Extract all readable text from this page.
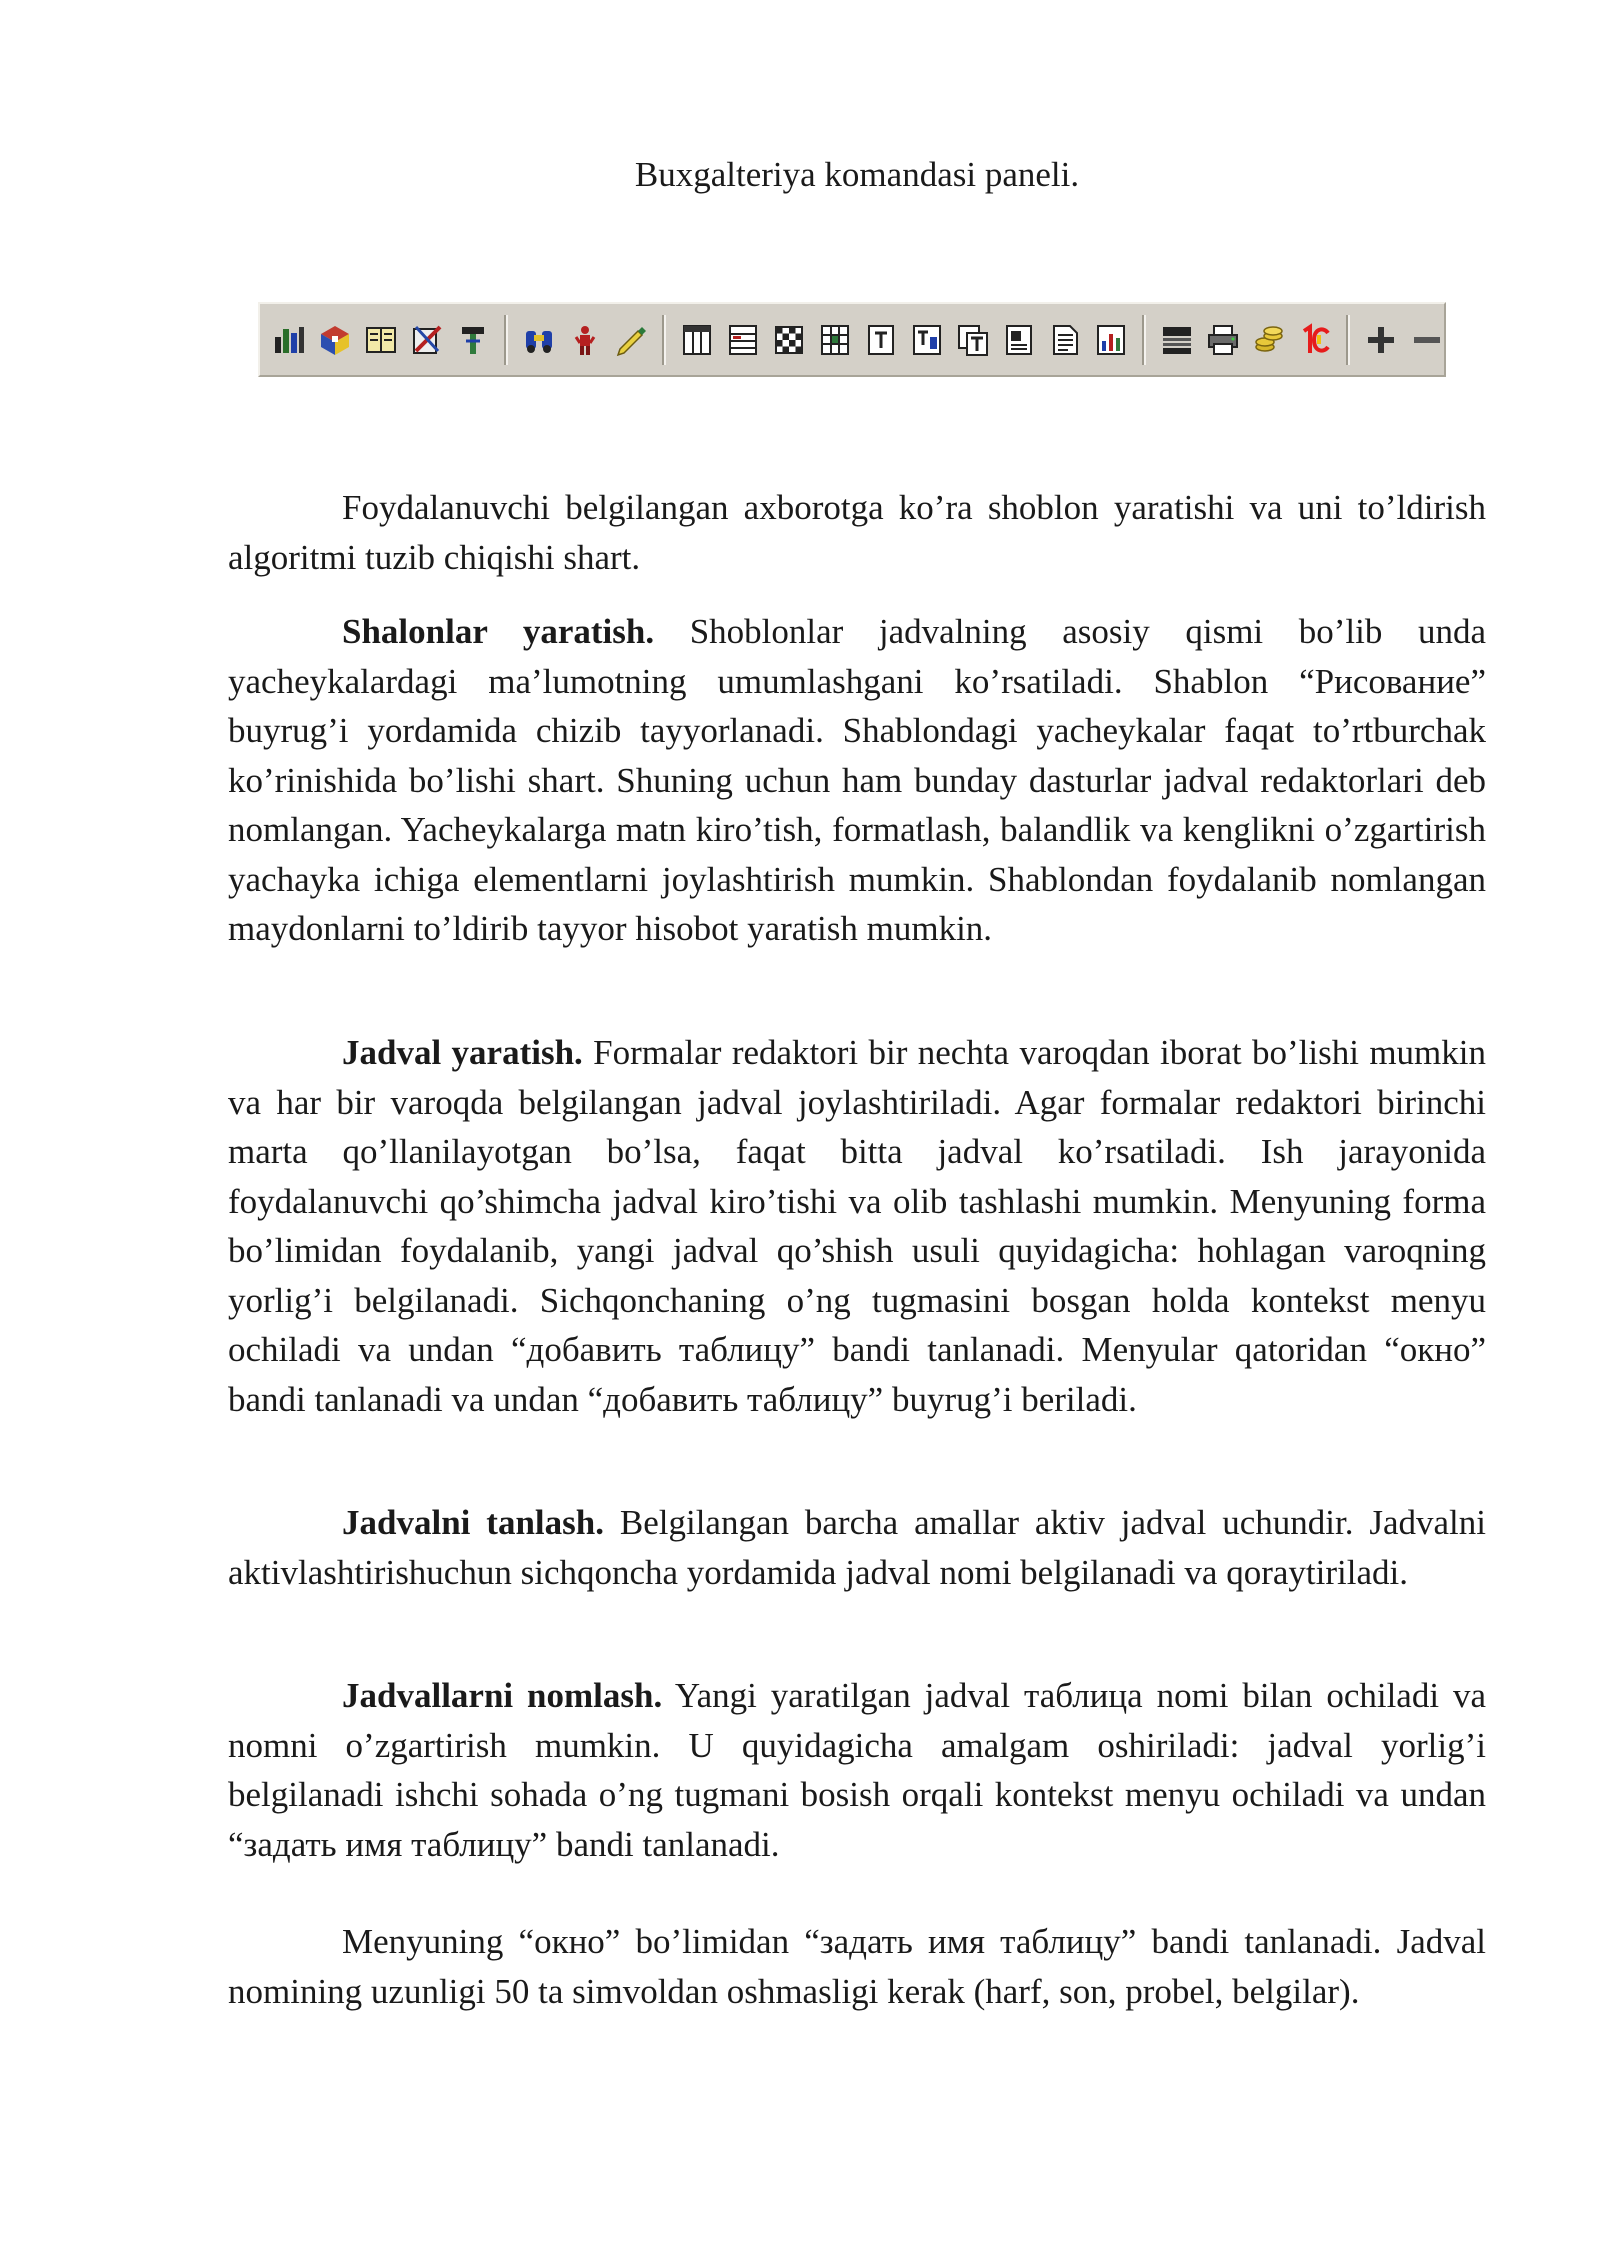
Buxgalteriya komandasi paneli.

Foydalanuvchi belgilangan axborotga ko’ra shoblon yaratishi va uni to’ldirish algoritmi tuzib chiqishi shart.

Shalonlar yaratish. Shoblonlar jadvalning asosiy qismi bo’lib unda yacheykalardagi ma’lumotning umumlashgani ko’rsatiladi. Shablon “Рисование” buyrug’i yordamida chizib tayyorlanadi. Shablondagi yacheykalar faqat to’rtburchak ko’rinishida bo’lishi shart. Shuning uchun ham bunday dasturlar jadval redaktorlari deb nomlangan. Yacheykalarga matn kiro’tish, formatlash, balandlik va kenglikni o’zgartirish yachayka ichiga elementlarni joylashtirish mumkin. Shablondan foydalanib nomlangan maydonlarni to’ldirib tayyor hisobot yaratish mumkin.

Jadval yaratish. Formalar redaktori bir nechta varoqdan iborat bo’lishi mumkin va har bir varoqda belgilangan jadval joylashtiriladi. Agar formalar redaktori birinchi marta qo’llanilayotgan bo’lsa, faqat bitta jadval ko’rsatiladi. Ish jarayonida foydalanuvchi qo’shimcha jadval kiro’tishi va olib tashlashi mumkin. Menyuning forma bo’limidan foydalanib, yangi jadval qo’shish usuli quyidagicha: hohlagan varoqning yorlig’i belgilanadi. Sichqonchaning o’ng tugmasini bosgan holda kontekst menyu ochiladi va undan “добавить таблицу” bandi tanlanadi. Menyular qatoridan “окно” bandi tanlanadi va undan “добавить таблицу” buyrug’i beriladi.

Jadvalni tanlash. Belgilangan barcha amallar aktiv jadval uchundir. Jadvalni aktivlashtirishuchun sichqoncha yordamida jadval nomi belgilanadi va qoraytiriladi.

Jadvallarni nomlash. Yangi yaratilgan jadval таблица nomi bilan ochiladi va nomni o’zgartirish mumkin. U quyidagicha amalgam oshiriladi: jadval yorlig’i belgilanadi ishchi sohada o’ng tugmani bosish orqali kontekst menyu ochiladi va undan “задать имя таблицу” bandi tanlanadi.

Menyuning “окно” bo’limidan “задать имя таблицу” bandi tanlanadi. Jadval nomining uzunligi 50 ta simvoldan oshmasligi kerak (harf, son, probel, belgilar).
